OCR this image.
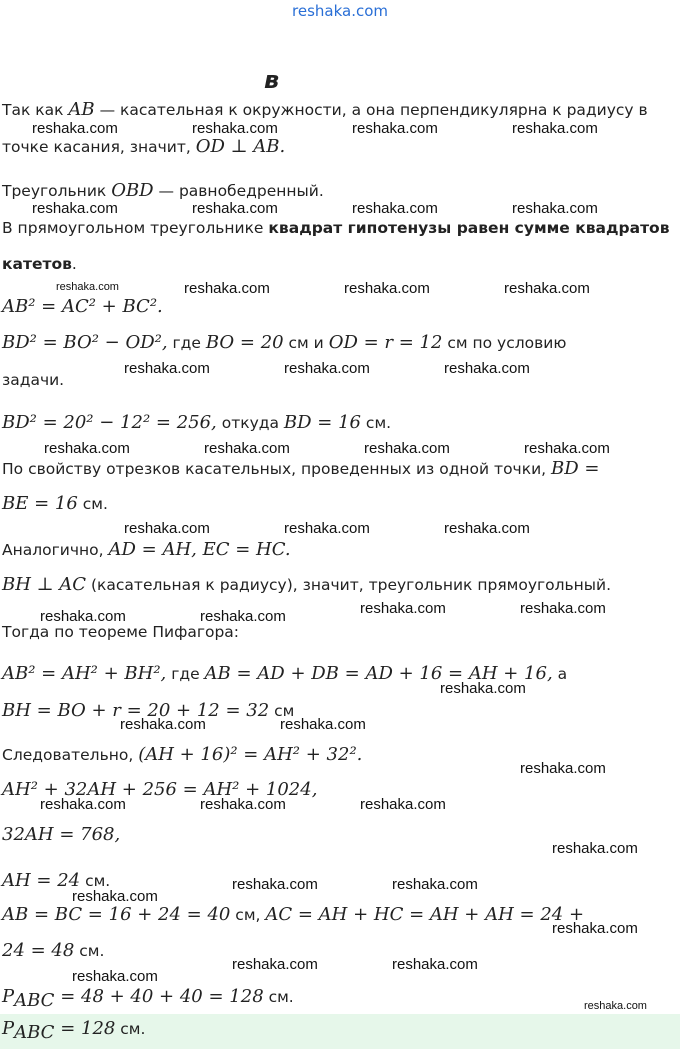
reshaka.com
в
Так как AB — касательная к окружности, а она перпендикулярна к радиусу в
точке касания, значит, OD ⊥ AB.
Треугольник OBD — равнобедренный.
В прямоугольном треугольнике квадрат гипотенузы равен сумме квадратов
катетов.
AB² = AC² + BC².
BD² = BO² − OD², где BO = 20 см и OD = r = 12 см по условию
задачи.
BD² = 20² − 12² = 256, откуда BD = 16 см.
По свойству отрезков касательных, проведенных из одной точки, BD =
BE = 16 см.
Аналогично, AD = AH, EC = HC.
BH ⊥ AC (касательная к радиусу), значит, треугольник прямоугольный.
Тогда по теореме Пифагора:
AB² = AH² + BH², где AB = AD + DB = AD + 16 = AH + 16, а
BH = BO + r = 20 + 12 = 32 см
Следовательно, (AH + 16)² = AH² + 32².
AH² + 32AH + 256 = AH² + 1024,
32AH = 768,
AH = 24 см.
AB = BC = 16 + 24 = 40 см, AC = AH + HC = AH + AH = 24 +
24 = 48 см.
$P_{ABC} = 48 + 40 + 40 = 128$ см.
$P_{ABC} = 128$ см.
reshaka.com	reshaka.com	reshaka.com	reshaka.com
reshaka.com	reshaka.com	reshaka.com	reshaka.com
reshaka.com	reshaka.com	reshaka.com	reshaka.com
reshaka.com	reshaka.com	reshaka.com
reshaka.com	reshaka.com	reshaka.com	reshaka.com
reshaka.com	reshaka.com	reshaka.com
reshaka.com	reshaka.com	reshaka.com	reshaka.com
reshaka.com
reshaka.com	reshaka.com
reshaka.com
reshaka.com	reshaka.com	reshaka.com
reshaka.com
reshaka.com	reshaka.com
reshaka.com
reshaka.com
reshaka.com	reshaka.com
reshaka.com
reshaka.com
